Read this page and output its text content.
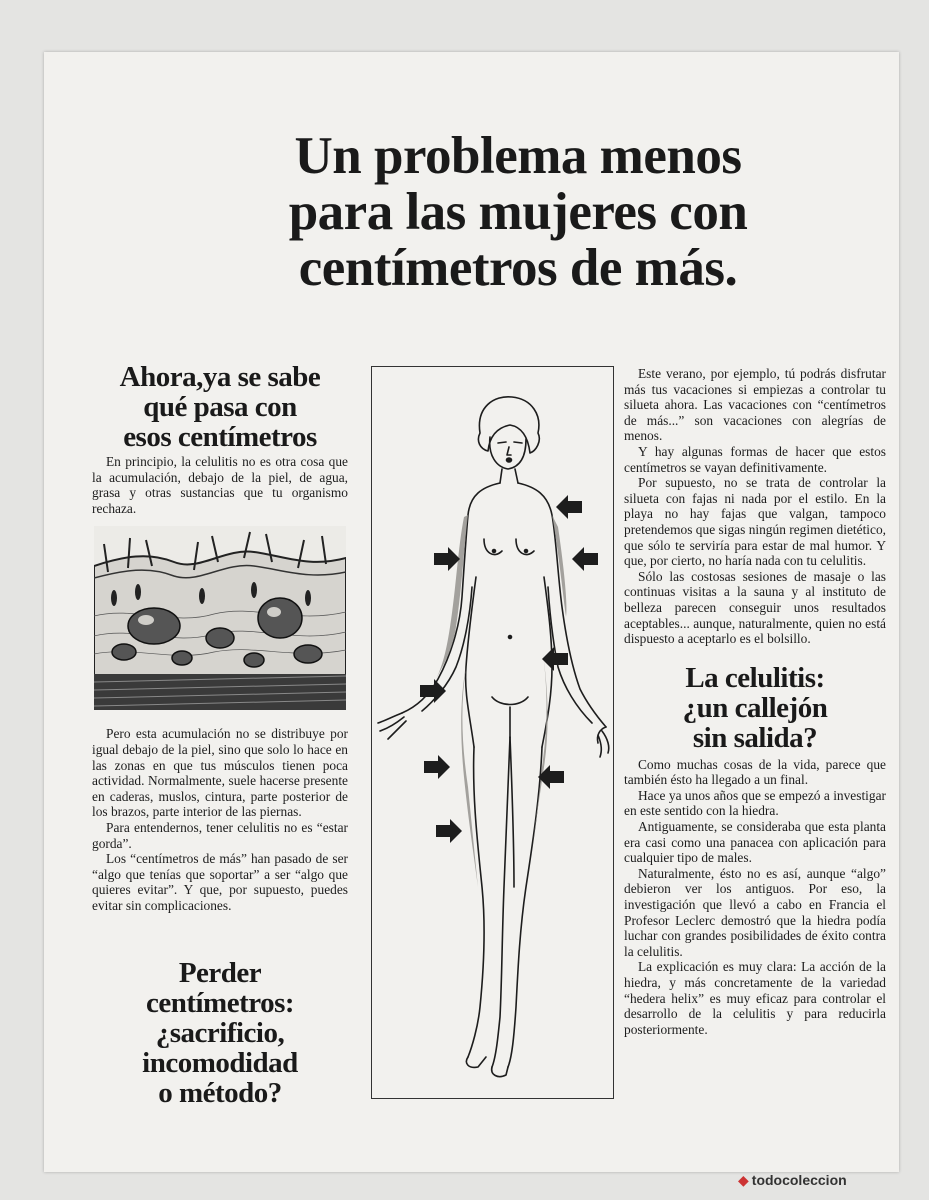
Un problema menos
para las mujeres con
centímetros de más.
Ahora,ya se sabe
qué pasa con
esos centímetros

En principio, la celulitis no es otra cosa que la acumulación, debajo de la piel, de agua, grasa y otras sustancias que tu organismo rechaza.

Pero esta acumulación no se distribuye por igual debajo de la piel, sino que solo lo hace en las zonas en que tus músculos tienen poca actividad. Normalmente, suele hacerse presente en caderas, muslos, cintura, parte posterior de los brazos, parte interior de las piernas.

Para entendernos, tener celulitis no es “estar gorda”.

Los “centímetros de más” han pasado de ser “algo que tenías que soportar” a ser “algo que quieres evitar”. Y que, por supuesto, puedes evitar sin complicaciones.

Perder
centímetros:
¿sacrificio,
incomodidad
o método?

Este verano, por ejemplo, tú podrás disfrutar más tus vacaciones si empiezas a controlar tu silueta ahora. Las vacaciones con “centímetros de más...” son vacaciones con alegrías de menos.

Y hay algunas formas de hacer que estos centímetros se vayan definitivamente.

Por supuesto, no se trata de controlar la silueta con fajas ni nada por el estilo. En la playa no hay fajas que valgan, tampoco pretendemos que sigas ningún regimen dietético, que sólo te serviría para estar de mal humor. Y que, por cierto, no haría nada con tu celulitis.

Sólo las costosas sesiones de masaje o las continuas visitas a la sauna y al instituto de belleza parecen conseguir unos resultados aceptables... aunque, naturalmente, quien no está dispuesto a aceptarlo es el bolsillo.

La celulitis:
¿un callejón
sin salida?

Como muchas cosas de la vida, parece que también ésto ha llegado a un final.

Hace ya unos años que se empezó a investigar en este sentido con la hiedra.

Antiguamente, se consideraba que esta planta era casi como una panacea con aplicación para cualquier tipo de males.

Naturalmente, ésto no es así, aunque “algo” debieron ver los antiguos. Por eso, la investigación que llevó a cabo en Francia el Profesor Leclerc demostró que la hiedra podía luchar con grandes posibilidades de éxito contra la celulitis.

La explicación es muy clara: La acción de la hiedra, y más concretamente de la variedad “hedera helix” es muy eficaz para controlar el desarrollo de la celulitis y para reducirla posteriormente.

◆ todocoleccion
